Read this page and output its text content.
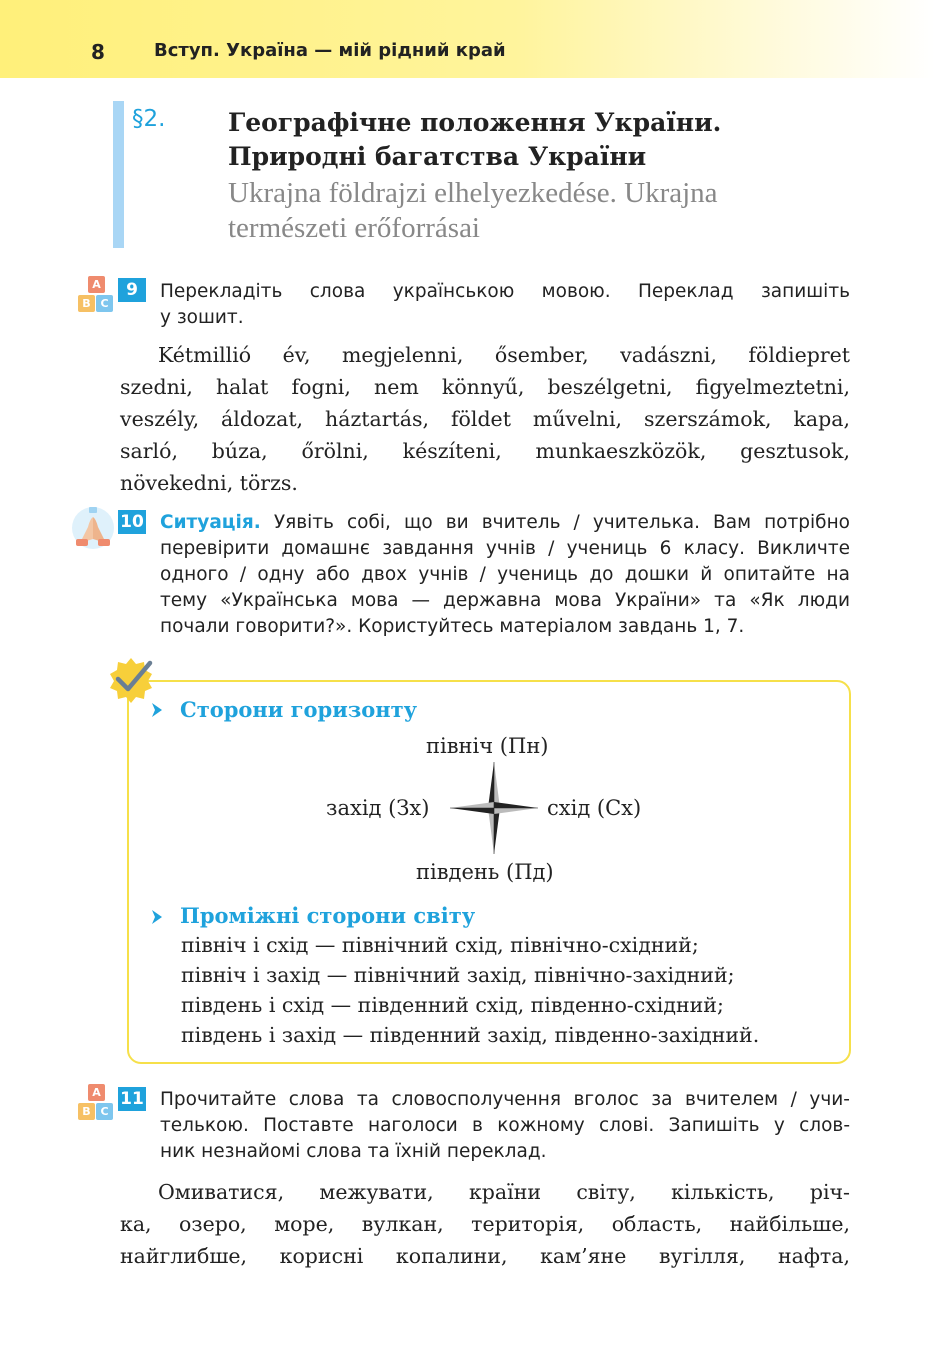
8	Вступ. Україна — мій рідний край
§2.	Географічне положення України.
Природні багатства України
Ukrajna földrajzi elhelyezkedése. Ukrajna
természeti erőforrásai
A
B C
9	Перекладіть слова українською мовою. Переклад запишіть
у зошит.
Kétmillió év, megjelenni, ősember, vadászni, földiepret
szedni, halat fogni, nem könnyű, beszélgetni, figyelmeztetni,
veszély, áldozat, háztartás, földet művelni, szerszámok, kapa,
sarló, búza, őrölni, készíteni, munkaeszközök, gesztusok,
növekedni, törzs.
10 Ситуація. Уявіть собі, що ви вчитель / учителька. Вам потрібно
перевірити домашнє завдання учнів / учениць 6 класу. Викличте
одного / одну або двох учнів / учениць до дошки й опитайте на
тему «Українська мова — державна мова України» та «Як люди
почали говорити?». Користуйтесь матеріалом завдань 1, 7.
Сторони горизонту
північ (Пн)
захід (Зх)	схід (Сх)
південь (Пд)
Проміжні сторони світу
північ і схід — північний схід, північно-східний;
північ і захід — північний захід, північно-західний;
південь і схід — південний схід, південно-східний;
південь і захід — південний захід, південно-західний.
A
B C
11 Прочитайте слова та словосполучення вголос за вчителем / учи-
телькою. Поставте наголоси в кожному слові. Запишіть у слов-
ник незнайомі слова та їхній переклад.
Омиватися, межувати, країни світу, кількість, річ-
ка, озеро, море, вулкан, територія, область, найбільше,
найглибше, корисні копалини, кам’яне вугілля, нафта,
